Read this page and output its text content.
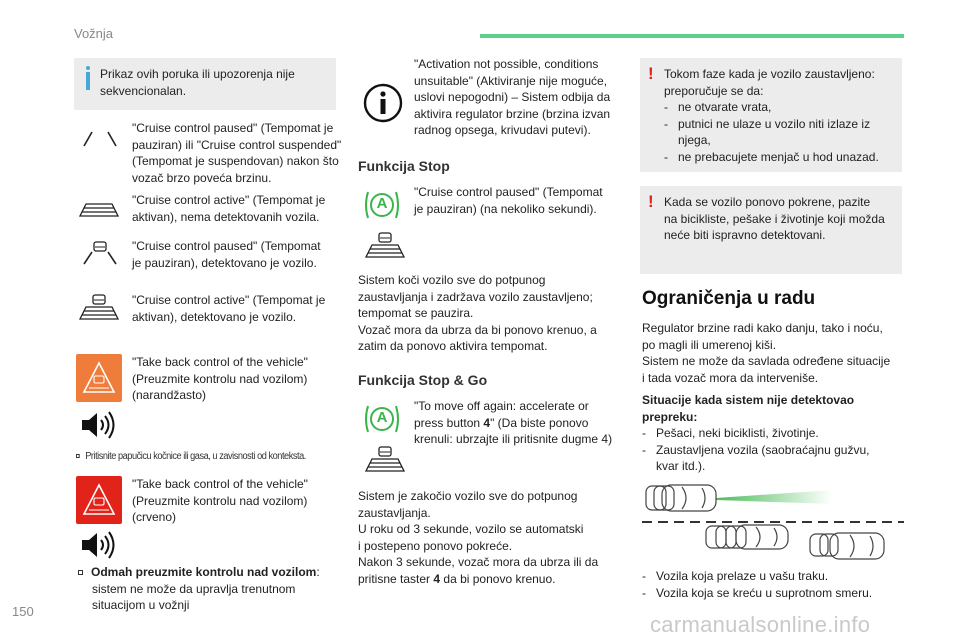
Vožnja
Prikaz ovih poruka ili upozorenja nije
sekvencionalan.
"Cruise control paused" (Tempomat je
pauziran) ili "Cruise control suspended"
(Tempomat je suspendovan) nakon što
vozač brzo poveća brzinu.
"Cruise control active" (Tempomat je
aktivan), nema detektovanih vozila.
"Cruise control paused" (Tempomat
je pauziran), detektovano je vozilo.
"Cruise control active" (Tempomat je
aktivan), detektovano je vozilo.
"Take back control of the vehicle"
(Preuzmite kontrolu nad vozilom)
(narandžasto)
Pritisnite papučicu kočnice ili gasa, u zavisnosti od konteksta.
"Take back control of the vehicle"
(Preuzmite kontrolu nad vozilom)
(crveno)
Odmah preuzmite kontrolu nad vozilom:
sistem ne može da upravlja trenutnom
situacijom u vožnji
"Activation not possible, conditions
unsuitable" (Aktiviranje nije moguće,
uslovi nepogodni) – Sistem odbija da
aktivira regulator brzine (brzina izvan
radnog opsega, krivudavi putevi).
Funkcija Stop
A
"Cruise control paused" (Tempomat
je pauziran) (na nekoliko sekundi).
Sistem koči vozilo sve do potpunog
zaustavljanja i zadržava vozilo zaustavljeno;
tempomat se pauzira.
Vozač mora da ubrza da bi ponovo krenuo, a
zatim da ponovo aktivira tempomat.
Funkcija Stop & Go
A
"To move off again: accelerate or
press button 4" (Da biste ponovo
krenuli: ubrzajte ili pritisnite dugme 4)
Sistem je zakočio vozilo sve do potpunog
zaustavljanja.
U roku od 3 sekunde, vozilo se automatski
i postepeno ponovo pokreće.
Nakon 3 sekunde, vozač mora da ubrza ili da
pritisne taster 4 da bi ponovo krenuo.
! Tokom faze kada je vozilo zaustavljeno:
preporučuje se da:
- ne otvarate vrata,
- putnici ne ulaze u vozilo niti izlaze iz
njega,
- ne prebacujete menjač u hod unazad.
! Kada se vozilo ponovo pokrene, pazite
na bicikliste, pešake i životinje koji možda
neće biti ispravno detektovani.
Ograničenja u radu
Regulator brzine radi kako danju, tako i noću,
po magli ili umerenoj kiši.
Sistem ne može da savlada određene situacije
i tada vozač mora da interveniše.
Situacije kada sistem nije detektovao
prepreku:
- Pešaci, neki biciklisti, životinje.
- Zaustavljena vozila (saobraćajnu gužvu,
kvar itd.).
- Vozila koja prelaze u vašu traku.
- Vozila koja se kreću u suprotnom smeru.
150
carmanualsonline.info
